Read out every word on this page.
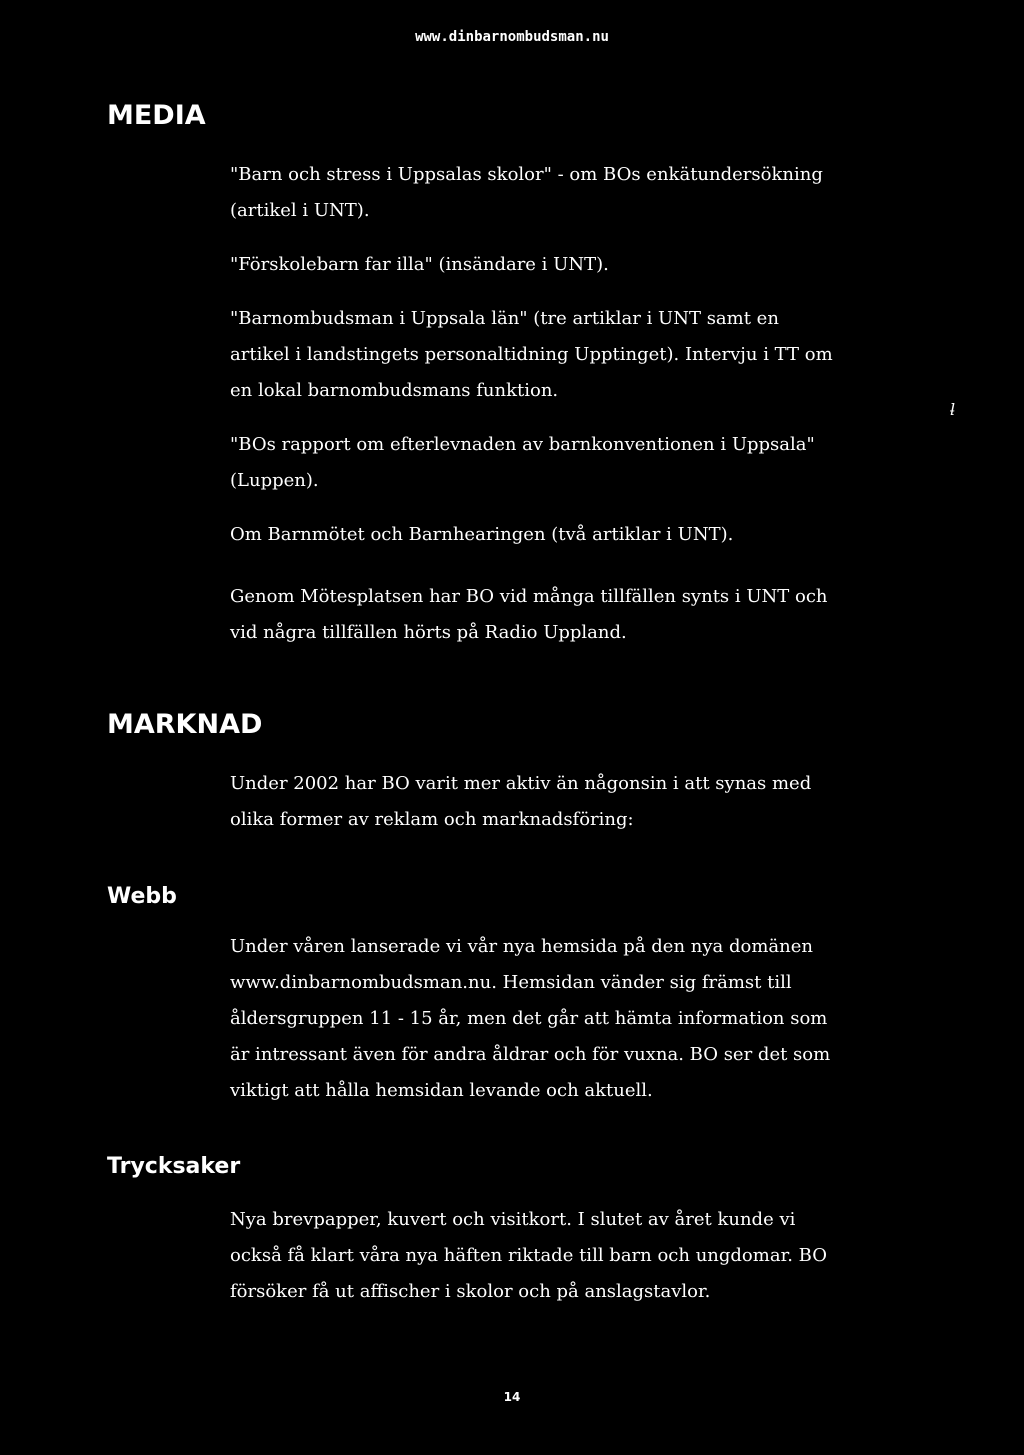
www.dinbarnombudsman.nu
MEDIA

"Barn och stress i Uppsalas skolor" - om BOs enkätundersökning (artikel i UNT).

"Förskolebarn far illa" (insändare i UNT).

"Barnombudsman i Uppsala län" (tre artiklar i UNT samt en artikel i landstingets personaltidning Upptinget). Intervju i TT om en lokal barnombudsmans funktion.

"BOs rapport om efterlevnaden av barnkonventionen i Uppsala" (Luppen).

Om Barnmötet och Barnhearingen (två artiklar i UNT).

Genom Mötesplatsen har BO vid många tillfällen synts i UNT och vid några tillfällen hörts på Radio Uppland.

ƚ
MARKNAD

Under 2002 har BO varit mer aktiv än någonsin i att synas med olika former av reklam och marknadsföring:

Webb

Under våren lanserade vi vår nya hemsida på den nya domänen www.dinbarnombudsman.nu. Hemsidan vänder sig främst till åldersgruppen 11 - 15 år, men det går att hämta information som är intressant även för andra åldrar och för vuxna. BO ser det som viktigt att hålla hemsidan levande och aktuell.

Trycksaker

Nya brevpapper, kuvert och visitkort. I slutet av året kunde vi också få klart våra nya häften riktade till barn och ungdomar. BO försöker få ut affischer i skolor och på anslagstavlor.

14
